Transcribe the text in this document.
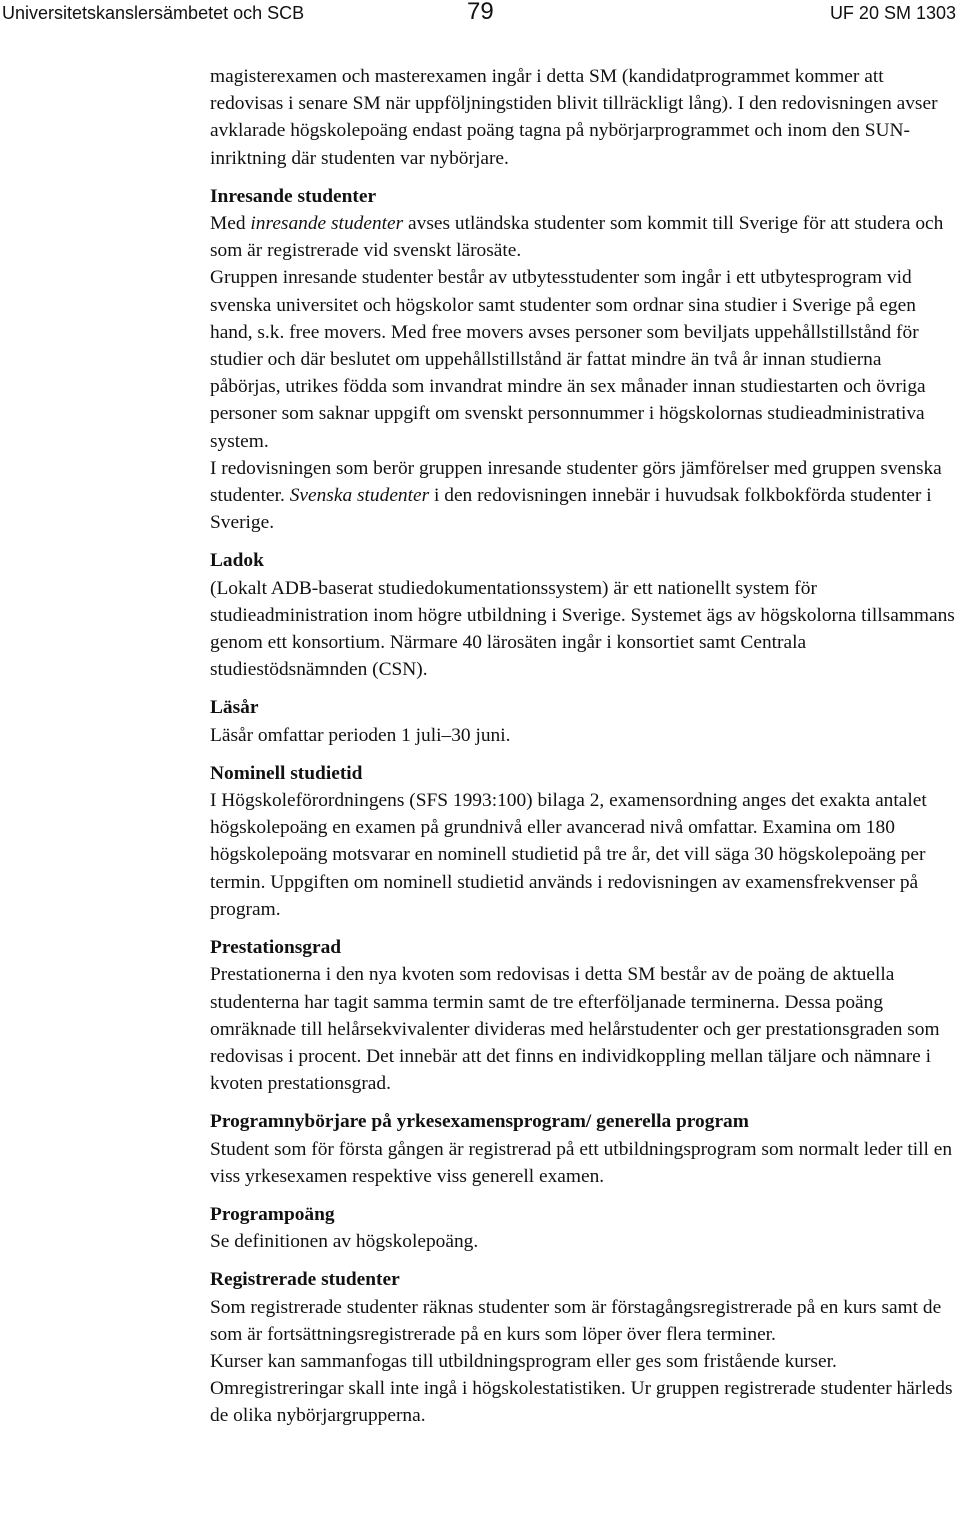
Universitetskanslersämbetet och SCB	79	UF 20 SM 1303

magisterexamen och masterexamen ingår i detta SM (kandidatprogrammet kommer att redovisas i senare SM när uppföljningstiden blivit tillräckligt lång). I den redovisningen avser avklarade högskolepoäng endast poäng tagna på nybörjarprogrammet och inom den SUN- inriktning där studenten var nybörjare.

Inresande studenter

Med inresande studenter avses utländska studenter som kommit till Sverige för att studera och som är registrerade vid svenskt lärosäte.

Gruppen inresande studenter består av utbytesstudenter som ingår i ett utbytesprogram vid svenska universitet och högskolor samt studenter som ordnar sina studier i Sverige på egen hand, s.k. free movers. Med free movers avses personer som beviljats uppehållstillstånd för studier och där beslutet om uppehållstillstånd är fattat mindre än två år innan studierna påbörjas, utrikes födda som invandrat mindre än sex månader innan studiestarten och övriga personer som saknar uppgift om svenskt personnummer i högskolornas studieadministrativa system.

I redovisningen som berör gruppen inresande studenter görs jämförelser med gruppen svenska studenter. Svenska studenter i den redovisningen innebär i huvudsak folkbokförda studenter i Sverige.

Ladok

(Lokalt ADB-baserat studiedokumentationssystem) är ett nationellt system för studieadministration inom högre utbildning i Sverige. Systemet ägs av högskolorna tillsammans genom ett konsortium. Närmare 40 lärosäten ingår i konsortiet samt Centrala studiestödsnämnden (CSN).

Läsår

Läsår omfattar perioden 1 juli–30 juni.

Nominell studietid

I Högskoleförordningens (SFS 1993:100) bilaga 2, examensordning anges det exakta antalet högskolepoäng en examen på grundnivå eller avancerad nivå omfattar. Examina om 180 högskolepoäng motsvarar en nominell studietid på tre år, det vill säga 30 högskolepoäng per termin. Uppgiften om nominell studietid används i redovisningen av examensfrekvenser på program.

Prestationsgrad

Prestationerna i den nya kvoten som redovisas i detta SM består av de poäng de aktuella studenterna har tagit samma termin samt de tre efterföljanade terminerna. Dessa poäng omräknade till helårsekvivalenter divideras med helårstudenter och ger prestationsgraden som redovisas i procent. Det innebär att det finns en individkoppling mellan täljare och nämnare i kvoten prestationsgrad.

Programnybörjare på yrkesexamensprogram/ generella program

Student som för första gången är registrerad på ett utbildningsprogram som normalt leder till en viss yrkesexamen respektive viss generell examen.

Programpoäng

Se definitionen av högskolepoäng.

Registrerade studenter

Som registrerade studenter räknas studenter som är förstagångsregistrerade på en kurs samt de som är fortsättningsregistrerade på en kurs som löper över flera terminer.

Kurser kan sammanfogas till utbildningsprogram eller ges som fristående kurser. Omregistreringar skall inte ingå i högskolestatistiken. Ur gruppen registrerade studenter härleds de olika nybörjargrupperna.
